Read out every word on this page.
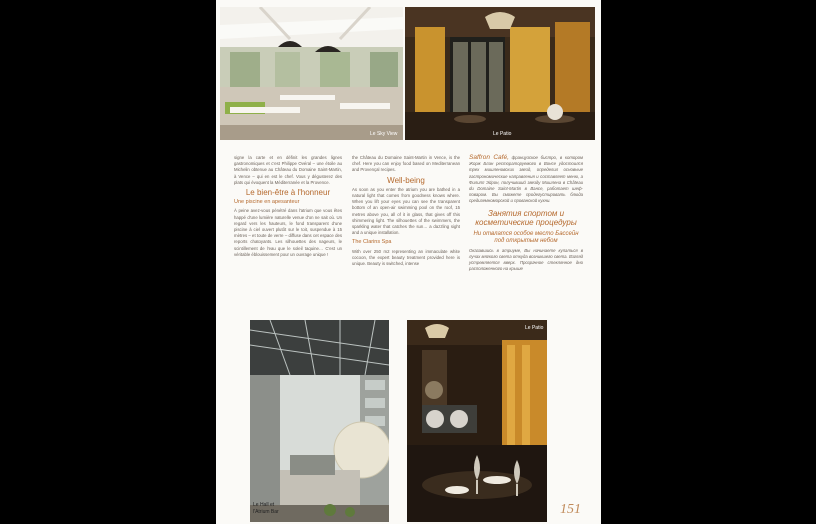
Le Sky View	Le Patio

signe la carte et en définit les grandes lignes gastronomiques et c'est Philippe Ovéral – une étoile au Michelin obtenue au Château du Domaine Saint-Martin, à Vence – qui en est le chef. Vous y dégusterez des plats qui évoquent la Méditerranée et la Provence.

Le bien-être à l'honneur
Une piscine en apesanteur

À peine avez-vous pénétré dans l'atrium que vous êtes happé d'une lumière naturelle venue d'on ne sait où. Un regard vers les hauteurs, le fond transparent d'une piscine à ciel ouvert plutôt sur le toit, suspendue à 15 mètres – et toute de verre – diffuse dans cet espace des reports chatoyants. Les silhouettes des nageurs, le scintillement de l'eau que le soleil taquine… C'est un véritable éblouissement pour un ouvrage unique !

the Château du Domaine Saint-Martin in Vence, is the chef. Here you can enjoy food based on Mediterranean and Provençal recipes.

Well-being

As soon as you enter the atrium you are bathed in a natural light that comes from goodness knows where. When you lift your eyes you can see the transparent bottom of an open-air swimming pool on the roof, 15 metres above you, all of it in glass, that gives off this shimmering light. The silhouettes of the swimmers, the sparkling water that catches the sun… a dazzling sight and a unique installation.

The Clarins Spa

With over 250 m2 representing an immaculate white cocoon, the expert beauty treatment provided here is unique. Beauty is switched, intense

Saffron Café, французское бистро, в котором Жорж Блан рестораторуемого в Вонсе удостоился трех мишленовских звезд, определил основные гастрономические направления и составляет меню, а Филипп Эйрон, получивший звезду Мишлена в Château du Domaine Saint-Martin в Вансе, работает шеф-поваром. Вы сможете продегустировать блюда средиземноморской и прованской кухни.

Занятия спортом и косметические процедуры
Ни отвлатся особое место Бассейн под открытым небом

Оказавшись в атриуме, Вы начинаете купаться в лучах мягкого света откуда возникшего света. Взгляд устремляется вверх. Прозрачное стеклянное дно расположенного на крыше

Le Hall et
l'Atrium Bar
Le Patio
151
